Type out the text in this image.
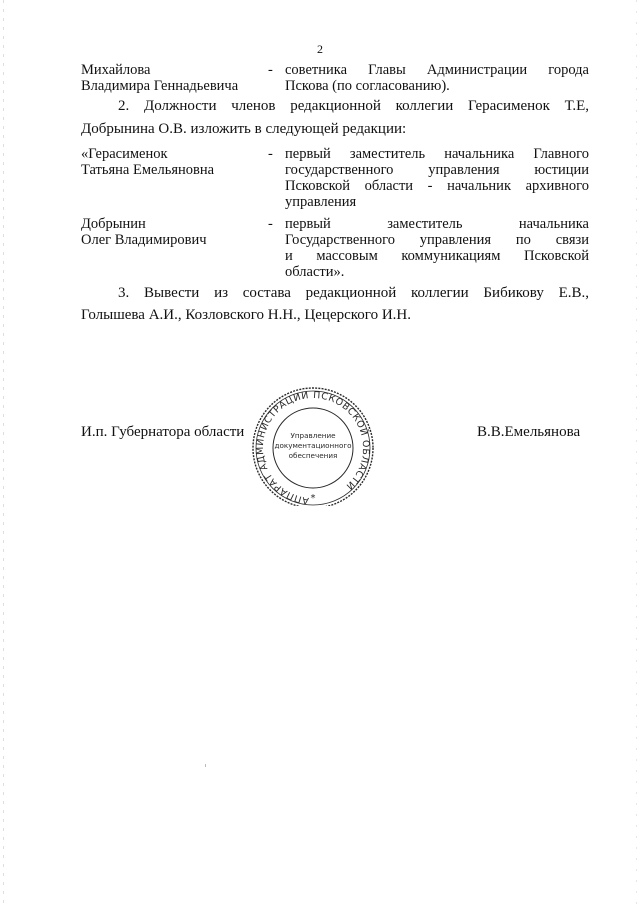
2
Михайлова
Владимира Геннадьевича
- советника Главы Администрации города
Пскова (по согласованию).
2. Должности членов редакционной коллегии Герасименок Т.Е,
Добрынина О.В. изложить в следующей редакции:
«Герасименок
Татьяна Емельяновна
- первый заместитель начальника Главного
государственного управления юстиции
Псковской области - начальник архивного
управления
Добрынин
Олег Владимирович
- первый заместитель начальника
Государственного управления по связи
и массовым коммуникациям Псковской
области».
3. Вывести из состава редакционной коллегии Бибикову Е.В.,
Голышева А.И., Козловского Н.Н., Цецерского И.Н.
И.п. Губернатора области	В.В.Емельянова
АППАРАТ АДМИНИСТРАЦИИ ПСКОВСКОЙ ОБЛАСТИ
Управление
документационного
обеспечения
*
